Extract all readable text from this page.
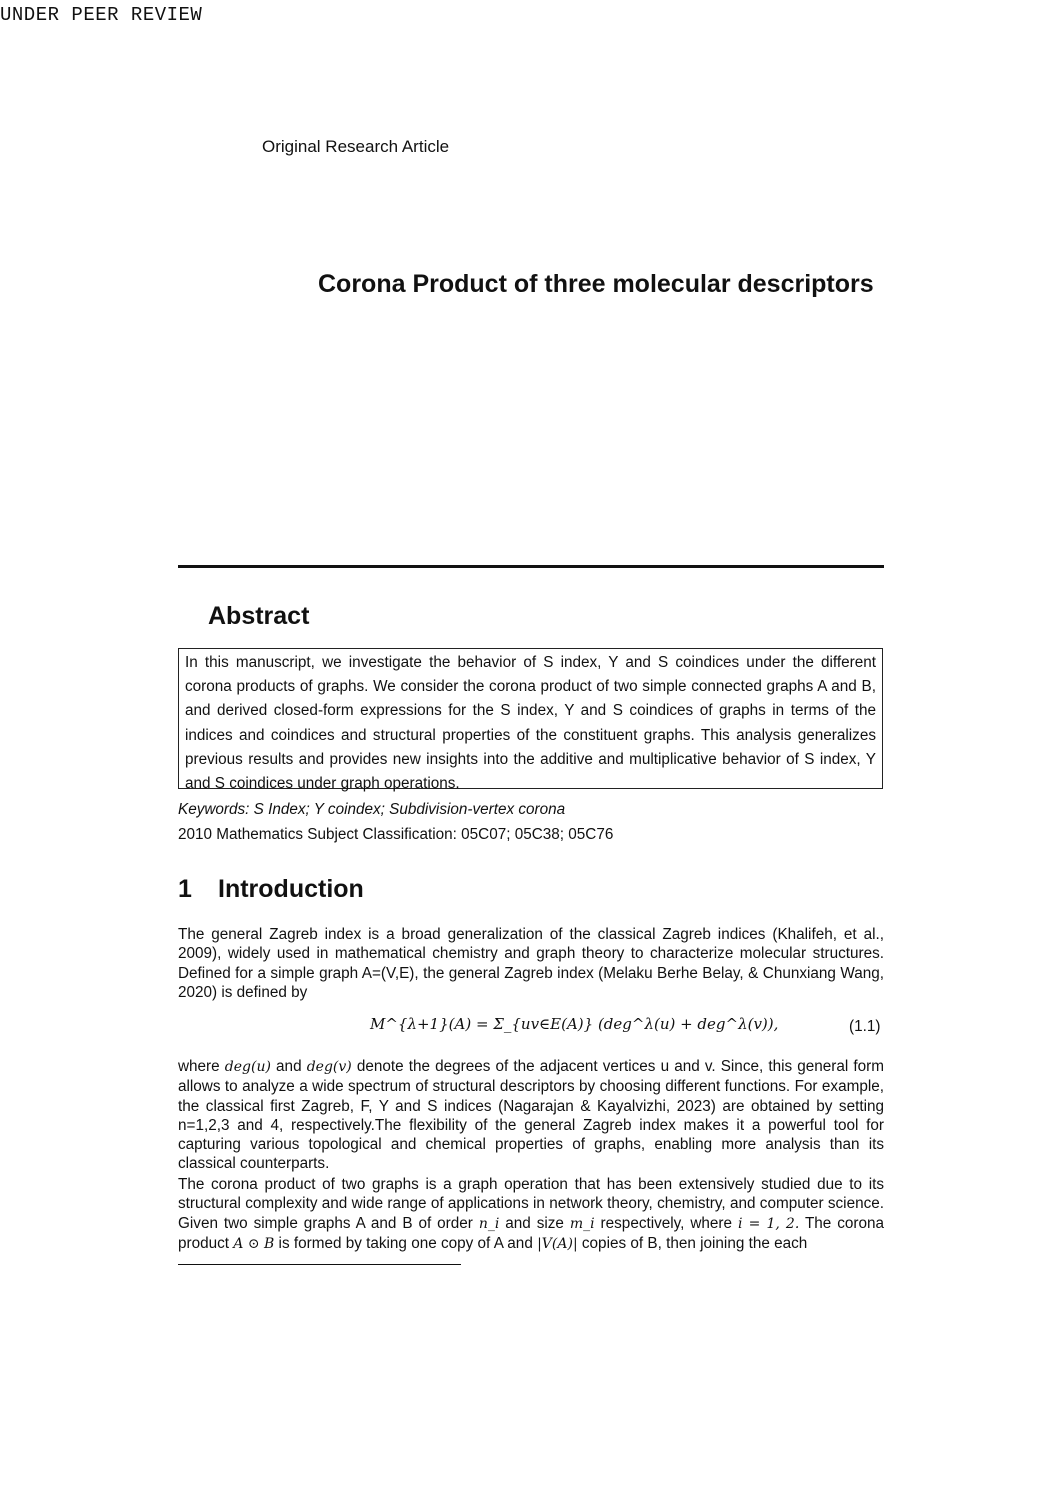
UNDER PEER REVIEW
Original Research Article
Corona Product of three molecular descriptors
Abstract
In this manuscript, we investigate the behavior of S index, Y and S coindices under the different corona products of graphs. We consider the corona product of two simple connected graphs A and B, and derived closed-form expressions for the S index, Y and S coindices of graphs in terms of the indices and coindices and structural properties of the constituent graphs. This analysis generalizes previous results and provides new insights into the additive and multiplicative behavior of S index, Y and S coindices under graph operations.
Keywords: S Index; Y coindex; Subdivision-vertex corona
2010 Mathematics Subject Classification: 05C07; 05C38; 05C76
1 Introduction
The general Zagreb index is a broad generalization of the classical Zagreb indices (Khalifeh, et al., 2009), widely used in mathematical chemistry and graph theory to characterize molecular structures. Defined for a simple graph A=(V,E), the general Zagreb index (Melaku Berhe Belay, & Chunxiang Wang, 2020) is defined by
M^{λ+1}(A) = Σ_{uv∈E(A)} (deg^λ(u) + deg^λ(v)),	(1.1)
where deg(u) and deg(v) denote the degrees of the adjacent vertices u and v. Since, this general form allows to analyze a wide spectrum of structural descriptors by choosing different functions. For example, the classical first Zagreb, F, Y and S indices (Nagarajan & Kayalvizhi, 2023) are obtained by setting n=1,2,3 and 4, respectively.The flexibility of the general Zagreb index makes it a powerful tool for capturing various topological and chemical properties of graphs, enabling more analysis than its classical counterparts.
The corona product of two graphs is a graph operation that has been extensively studied due to its structural complexity and wide range of applications in network theory, chemistry, and computer science. Given two simple graphs A and B of order n_i and size m_i respectively, where i = 1, 2. The corona product A ⊙ B is formed by taking one copy of A and |V(A)| copies of B, then joining the each
